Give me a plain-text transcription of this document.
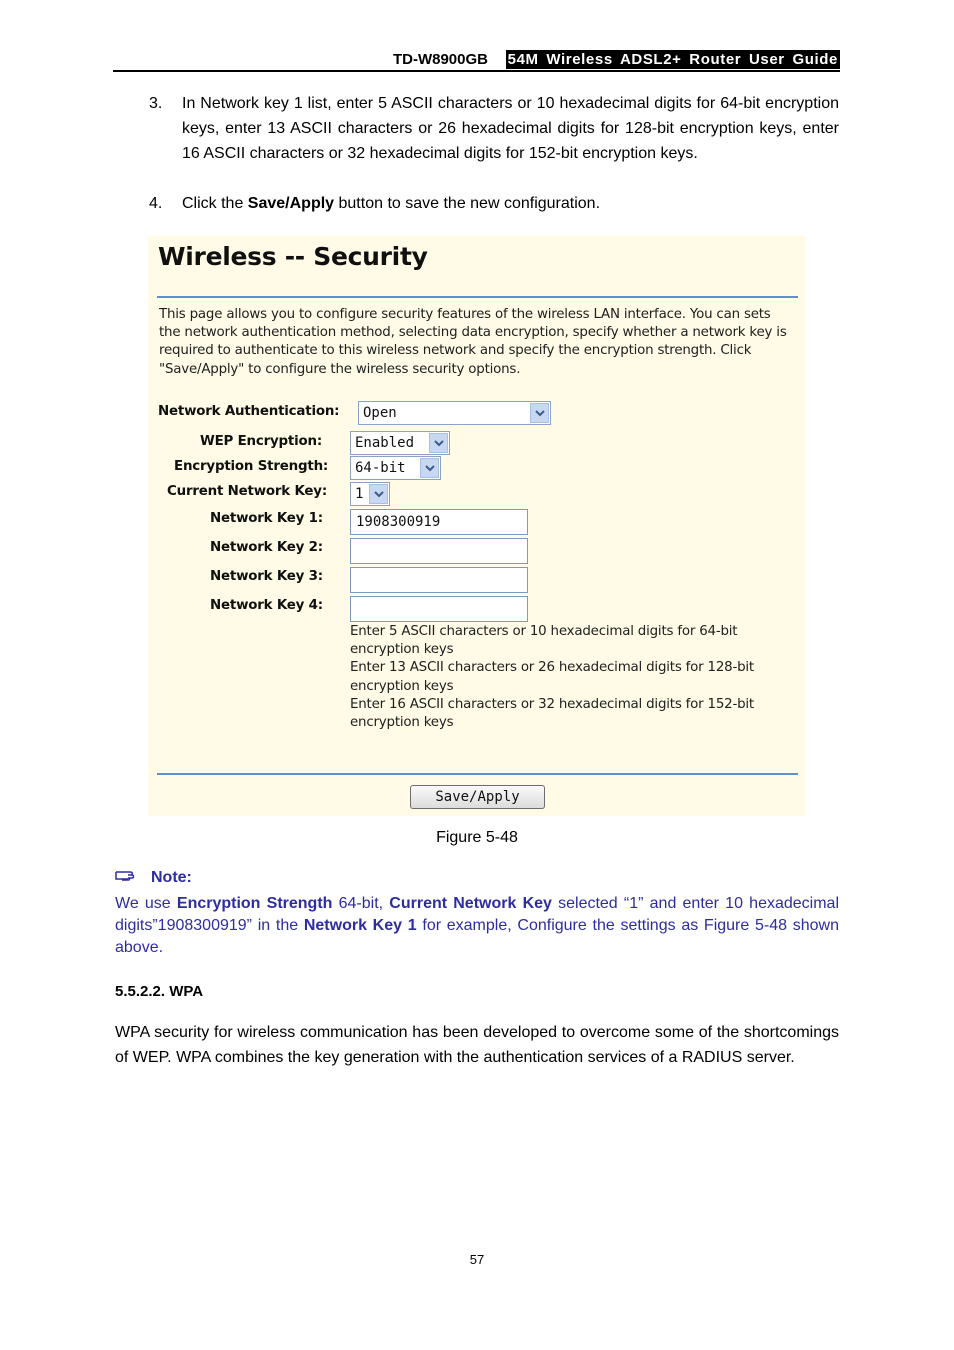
TD-W8900GB 54M Wireless ADSL2+ Router User Guide
3. In Network key 1 list, enter 5 ASCII characters or 10 hexadecimal digits for 64-bit encryption keys, enter 13 ASCII characters or 26 hexadecimal digits for 128-bit encryption keys, enter 16 ASCII characters or 32 hexadecimal digits for 152-bit encryption keys.
4. Click the Save/Apply button to save the new configuration.
Wireless -- Security
This page allows you to configure security features of the wireless LAN interface. You can sets the network authentication method, selecting data encryption, specify whether a network key is required to authenticate to this wireless network and specify the encryption strength. Click "Save/Apply" to configure the wireless security options.
Network Authentication:	Open
WEP Encryption:	Enabled
Encryption Strength:	64-bit
Current Network Key:	1
Network Key 1:	1908300919
Network Key 2:
Network Key 3:
Network Key 4:
Enter 5 ASCII characters or 10 hexadecimal digits for 64-bit
encryption keys
Enter 13 ASCII characters or 26 hexadecimal digits for 128-bit
encryption keys
Enter 16 ASCII characters or 32 hexadecimal digits for 152-bit
encryption keys
Save/Apply
Figure 5-48
Note:
We use Encryption Strength 64-bit, Current Network Key selected “1” and enter 10 hexadecimal digits”1908300919” in the Network Key 1 for example, Configure the settings as Figure 5-48 shown above.
5.5.2.2. WPA
WPA security for wireless communication has been developed to overcome some of the shortcomings of WEP. WPA combines the key generation with the authentication services of a RADIUS server.
57
